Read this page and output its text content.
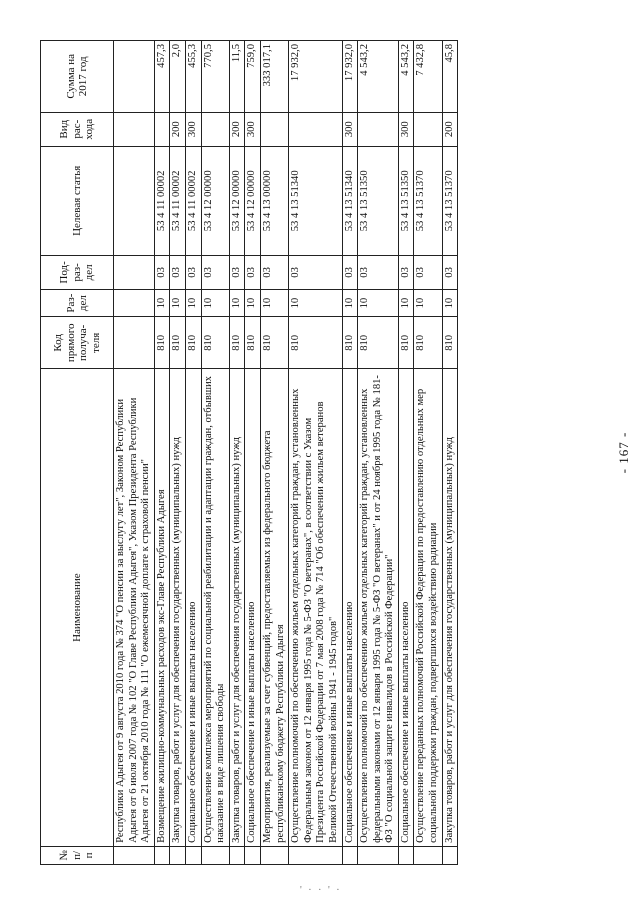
№ п/п	Наименование	Код прямого получа- теля	Раз- дел	Под- раз- дел	Целевая статья	Вид рас- хода	Сумма на 2017 год
	Республики Адыгея от 9 августа 2010 года № 374 "О пенсии за выслугу лет", Законом Республики Адыгея от 6 июля 2007 года № 102 "О Главе Республики Адыгея", Указом Президента Республики Адыгея от 21 октября 2010 года № 111 "О ежемесячной доплате к страховой пенсии"						
	Возмещение жилищно-коммунальных расходов экс-Главе Республики Адыгея	810	10	03	53 4 11 00002		457,3
	Закупка товаров, работ и услуг для обеспечения государственных (муниципальных) нужд	810	10	03	53 4 11 00002	200	2,0
	Социальное обеспечение и иные выплаты населению	810	10	03	53 4 11 00002	300	455,3
	Осуществление комплекса мероприятий по социальной реабилитации и адаптации граждан, отбывших наказание в виде лишения свободы	810	10	03	53 4 12 00000		770,5
	Закупка товаров, работ и услуг для обеспечения государственных (муниципальных) нужд	810	10	03	53 4 12 00000	200	11,5
	Социальное обеспечение и иные выплаты населению	810	10	03	53 4 12 00000	300	759,0
	Мероприятия, реализуемые за счет субвенций, предоставляемых из федерального бюджета республиканскому бюджету Республики Адыгея	810	10	03	53 4 13 00000		333 017,1
	Осуществление полномочий по обеспечению жильем отдельных категорий граждан, установленных Федеральным законом от 12 января 1995 года № 5-ФЗ "О ветеранах", в соответствии с Указом Президента Российской Федерации от 7 мая 2008 года № 714 "Об обеспечении жильем ветеранов Великой Отечественной войны 1941 - 1945 годов"	810	10	03	53 4 13 51340		17 932,0
	Социальное обеспечение и иные выплаты населению	810	10	03	53 4 13 51340	300	17 932,0
	Осуществление полномочий по обеспечению жильем отдельных категорий граждан, установленных федеральными законами от 12 января 1995 года № 5-ФЗ "О ветеранах" и от 24 ноября 1995 года № 181-ФЗ "О социальной защите инвалидов в Российской Федерации"	810	10	03	53 4 13 51350		4 543,2
	Социальное обеспечение и иные выплаты населению	810	10	03	53 4 13 51350	300	4 543,2
	Осуществление переданных полномочий Российской Федерации по предоставлению отдельных мер социальной поддержки граждан, подвергшихся воздействию радиации	810	10	03	53 4 13 51370		7 432,8
	Закупка товаров, работ и услуг для обеспечения государственных (муниципальных) нужд	810	10	03	53 4 13 51370	200	45,8
- 167 -
' · · ' ·
